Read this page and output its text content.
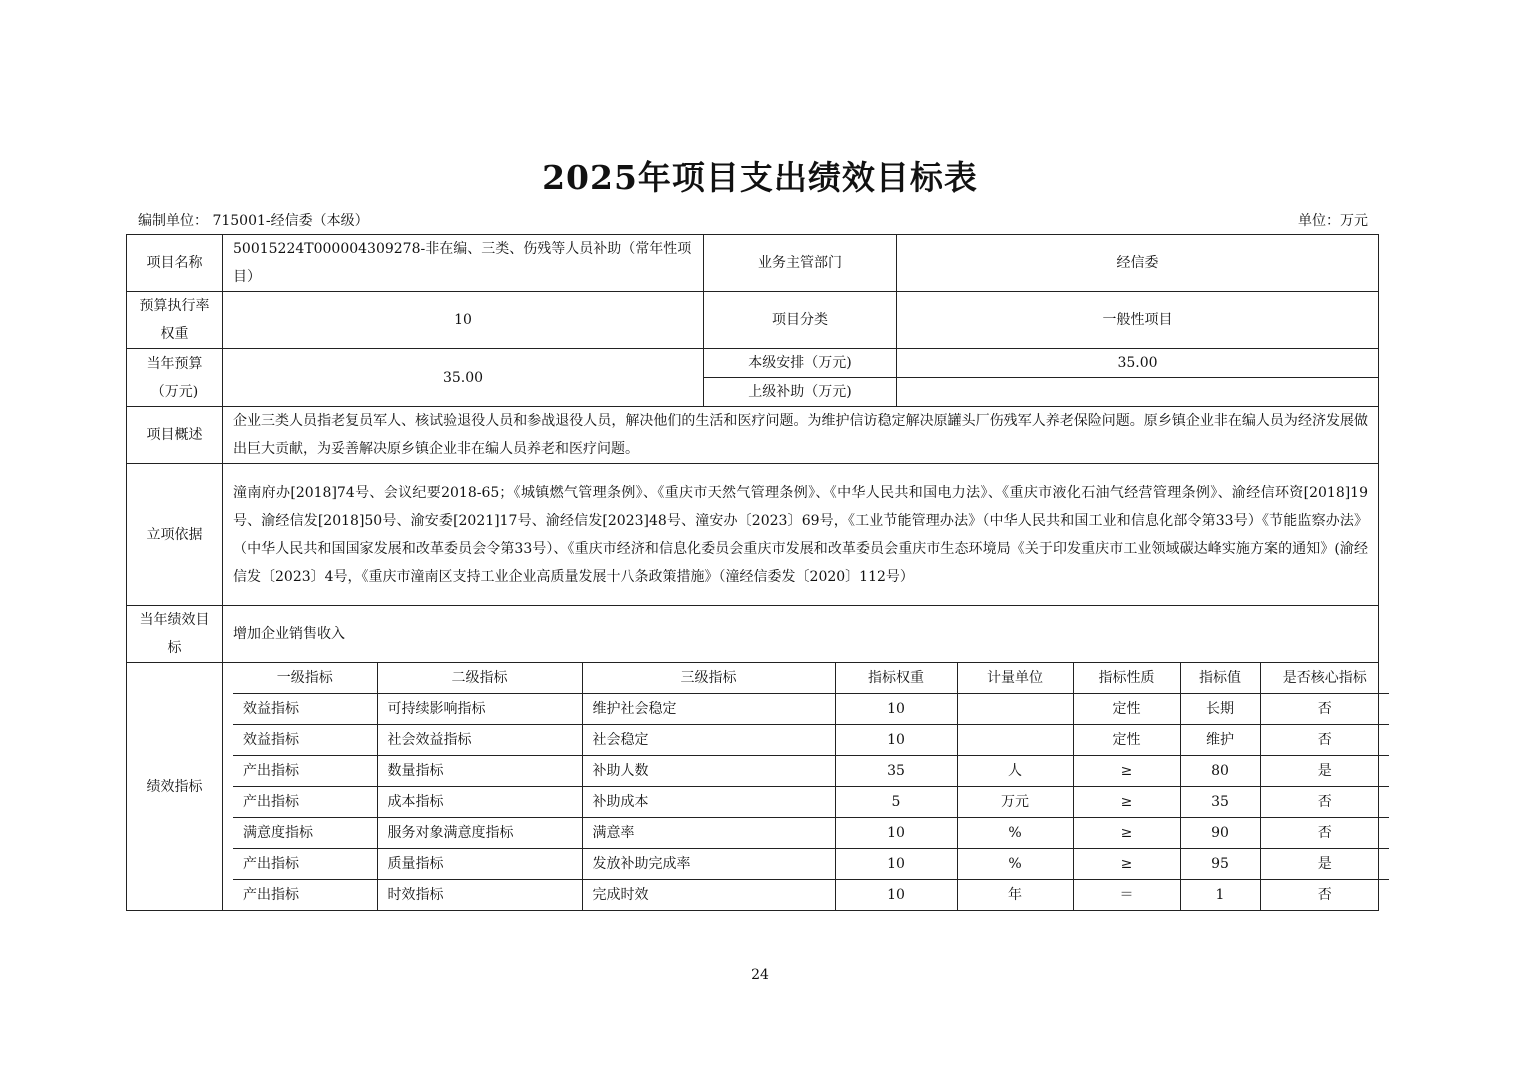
2025年项目支出绩效目标表
编制单位： 715001-经信委（本级）	单位：万元
项目名称	50015224T000004309278-非在编、三类、伤残等人员补助（常年性项目）	业务主管部门	经信委
预算执行率权重	10	项目分类	一般性项目
当年预算（万元)	35.00	本级安排（万元)	35.00
上级补助（万元)	
项目概述	企业三类人员指老复员军人、核试验退役人员和参战退役人员，解决他们的生活和医疗问题。为维护信访稳定解决原罐头厂伤残军人养老保险问题。原乡镇企业非在编人员为经济发展做出巨大贡献，为妥善解决原乡镇企业非在编人员养老和医疗问题。
立项依据	潼南府办[2018]74号、会议纪要2018-65；《城镇燃气管理条例》、《重庆市天然气管理条例》、《中华人民共和国电力法》、《重庆市液化石油气经营管理条例》、渝经信环资[2018]19号、渝经信发[2018]50号、渝安委[2021]17号、渝经信发[2023]48号、潼安办〔2023〕69号，《工业节能管理办法》（中华人民共和国工业和信息化部令第33号）《节能监察办法》（中华人民共和国国家发展和改革委员会令第33号）、《重庆市经济和信息化委员会重庆市发展和改革委员会重庆市生态环境局《关于印发重庆市工业领域碳达峰实施方案的通知》(渝经信发〔2023〕4号，《重庆市潼南区支持工业企业高质量发展十八条政策措施》（潼经信委发〔2020〕112号）
当年绩效目标	增加企业销售收入
绩效指标	
一级指标	二级指标	三级指标	指标权重	计量单位	指标性质	指标值	是否核心指标
效益指标	可持续影响指标	维护社会稳定	10		定性	长期	否
效益指标	社会效益指标	社会稳定	10		定性	维护	否
产出指标	数量指标	补助人数	35	人	≥	80	是
产出指标	成本指标	补助成本	5	万元	≥	35	否
满意度指标	服务对象满意度指标	满意率	10	%	≥	90	否
产出指标	质量指标	发放补助完成率	10	%	≥	95	是
产出指标	时效指标	完成时效	10	年	＝	1	否
24
